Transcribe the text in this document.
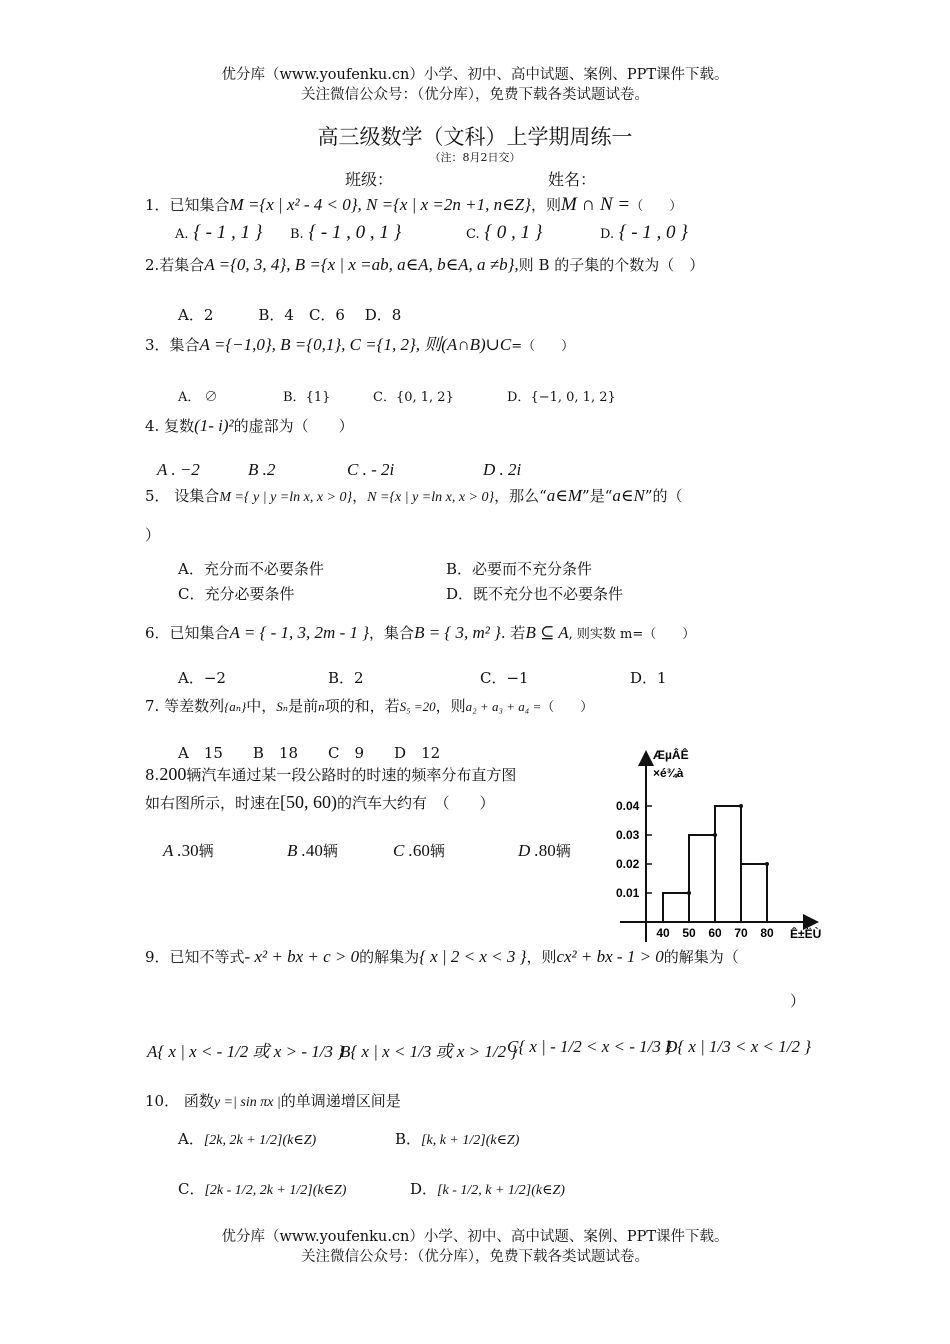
优分库（www.youfenku.cn）小学、初中、高中试题、案例、PPT课件下载。
关注微信公众号：（优分库），免费下载各类试题试卷。
高三级数学（文科）上学期周练一
（注：8月2日交）
班级：	姓名：
1．已知集合M ={x | x² - 4 < 0}, N ={x | x =2n +1, n∈Z}，则M ∩ N =（　　）
A. { - 1 , 1 } B. { - 1 , 0 , 1 }	C. { 0 , 1 }	D. { - 1 , 0 }
2.若集合A ={0, 3, 4}, B ={x | x =ab, a∈A, b∈A, a ≠b},则 B 的子集的个数为（　）
A．2　　　B．4　C．6　 D．8
3．集合A ={−1,0}, B ={0,1}, C ={1, 2}, 则(A∩B)∪C=（　　）
A． ∅	B．{1}	C．{0, 1, 2}	D．{−1, 0, 1, 2}
4. 复数(1- i)²的虚部为（　　）
A . −2	B .2	C . - 2i	D . 2i
5． 设集合M ={ y | y =ln x, x > 0}，N ={x | y =ln x, x > 0}，那么“a∈M”是“a∈N”的（
）
A．充分而不必要条件	B．必要而不充分条件
C．充分必要条件	D．既不充分也不必要条件
6．已知集合A = { - 1, 3, 2m - 1 }，集合B = { 3, m² }. 若B ⊆ A, 则实数 m=（　　）
A．−2	B．2	C．−1	D．1
7. 等差数列{aₙ}中，Sₙ是前n项的和，若S₅ =20，则a₂ + a₃ + a₄ =（　　）
A　15　　B　18　　C　9　　D　12
8.200辆汽车通过某一段公路时的时速的频率分布直方图
如右图所示，时速在[50, 60)的汽车大约有　（　　）
A .30辆	B .40辆	C .60辆	D .80辆
ÆµÂÊ
×é¾à
Ê±ËÙ
0.01
0.02
0.03
0.04
40 50 60 70 80
9．已知不等式- x² + bx + c > 0的解集为{ x | 2 < x < 3 }，则cx² + bx - 1 > 0的解集为（
）
A{ x | x < - 1/2 或 x > - 1/3 }
B{ x | x < 1/3 或 x > 1/2 }
C{ x | - 1/2 < x < - 1/3 }
D{ x | 1/3 < x < 1/2 }
10． 函数y =| sin πx |的单调递增区间是
A．[2k, 2k + 1/2](k∈Z)	B．[k, k + 1/2](k∈Z)
C．[2k - 1/2, 2k + 1/2](k∈Z)	D．[k - 1/2, k + 1/2](k∈Z)
优分库（www.youfenku.cn）小学、初中、高中试题、案例、PPT课件下载。
关注微信公众号：（优分库），免费下载各类试题试卷。
